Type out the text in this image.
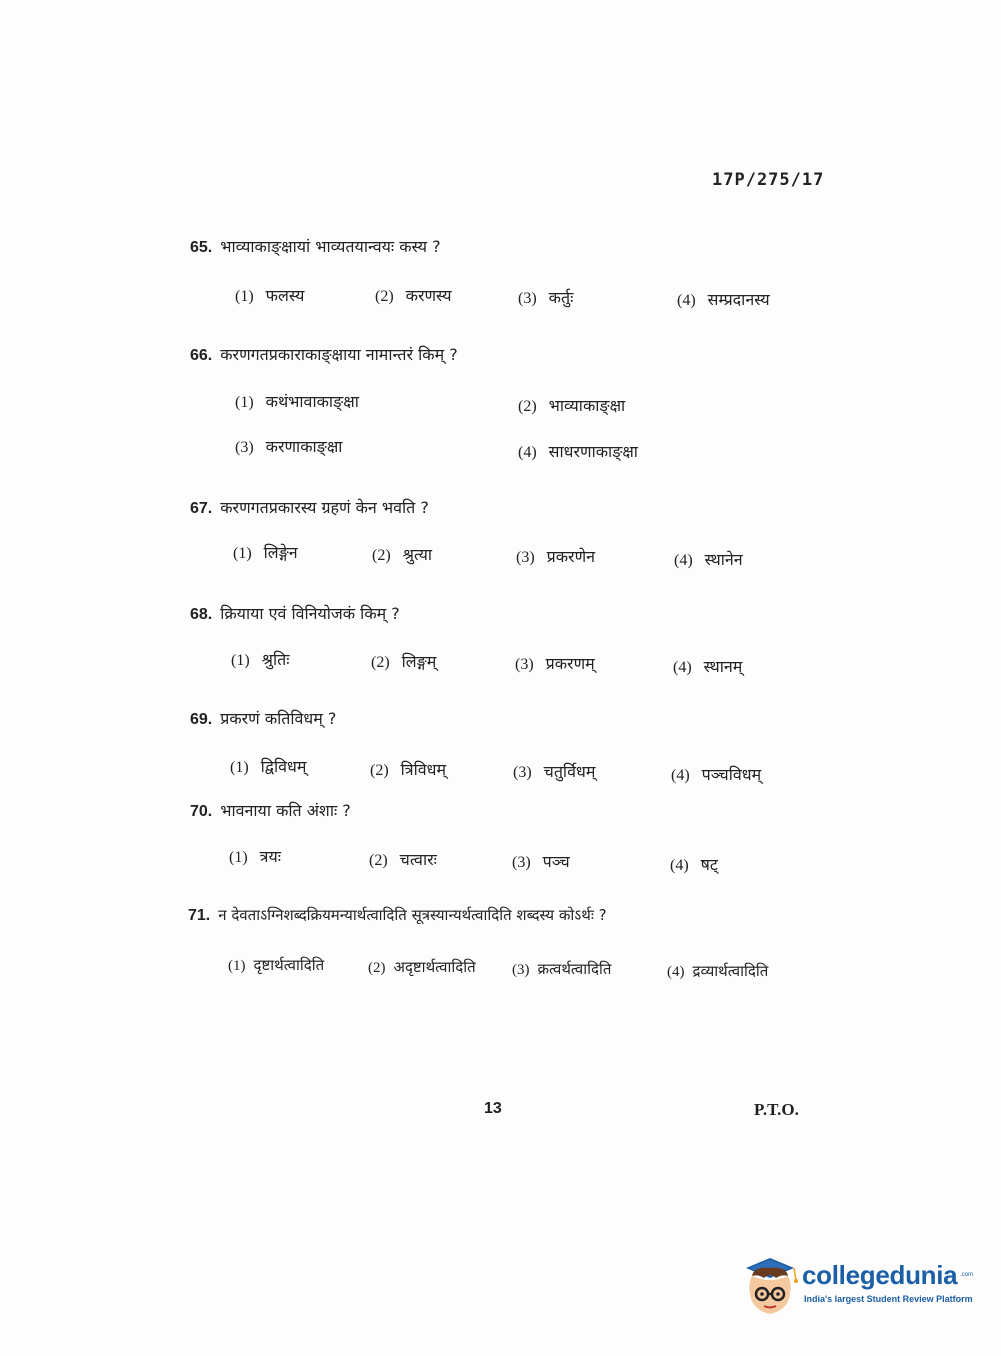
17P/275/17
65. भाव्याकाङ्क्षायां भाव्यतयान्वयः कस्य ?
(1) फलस्य	(2) करणस्य	(3) कर्तुः	(4) सम्प्रदानस्य
66. करणगतप्रकाराकाङ्क्षाया नामान्तरं किम् ?
(1) कथंभावाकाङ्क्षा	(2) भाव्याकाङ्क्षा
(3) करणाकाङ्क्षा	(4) साधरणाकाङ्क्षा
67. करणगतप्रकारस्य ग्रहणं केन भवति ?
(1) लिङ्गेन	(2) श्रुत्या	(3) प्रकरणेन	(4) स्थानेन
68. क्रियाया एवं विनियोजकं किम् ?
(1) श्रुतिः	(2) लिङ्गम्	(3) प्रकरणम्	(4) स्थानम्
69. प्रकरणं कतिविधम् ?
(1) द्विविधम्	(2) त्रिविधम्	(3) चतुर्विधम्	(4) पञ्चविधम्
70. भावनाया कति अंशाः ?
(1) त्रयः	(2) चत्वारः	(3) पञ्च	(4) षट्
71. न देवताऽग्निशब्दक्रियमन्यार्थत्वादिति सूत्रस्यान्यर्थत्वादिति शब्दस्य कोऽर्थः ?
(1) दृष्टार्थत्वादिति	(2) अदृष्टार्थत्वादिति (3) क्रत्वर्थत्वादिति	(4) द्रव्यार्थत्वादिति
13	P.T.O.
collegedunia .com
India's largest Student Review Platform
